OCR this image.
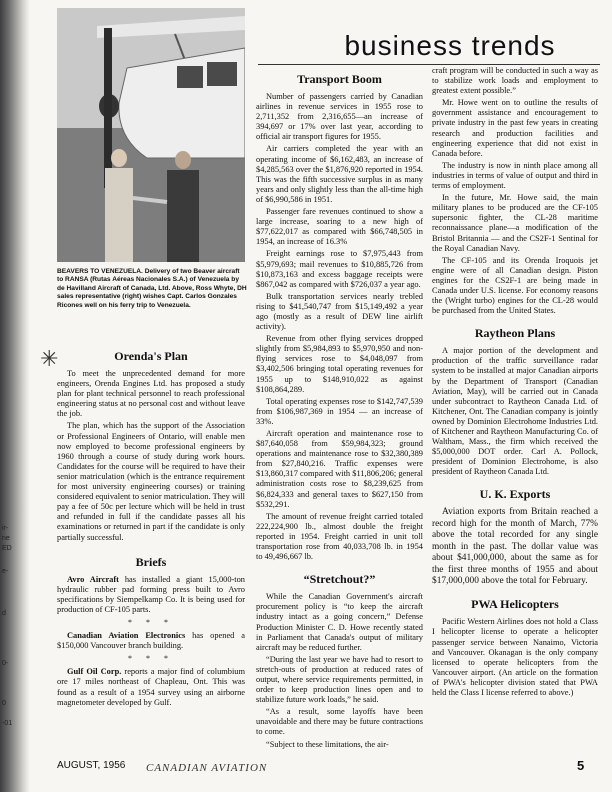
ir-
ne
ED
e-
d
0-
0
-01
business trends
BEAVERS TO VENEZUELA. Delivery of two Beaver aircraft to RANSA (Rutas Aéreas Nacionales S.A.) of Venezuela by de Havilland Aircraft of Canada, Ltd. Above, Ross Whyte, DH sales representative (right) wishes Capt. Carlos Gonzales Ricones well on his ferry trip to Venezuela.
✳	Orenda's Plan

To meet the unprecedented demand for more engineers, Orenda Engines Ltd. has proposed a study plan for plant technical personnel to reach professional engineering status at no personal cost and without leave the job.

The plan, which has the support of the Association or Professional Engineers of Ontario, will enable men now employed to become professional engineers by 1960 through a course of study during work hours. Candidates for the course will be required to have their senior matriculation (which is the entrance requirement for most university engineering courses) or training considered equivalent to senior matriculation. They will pay a fee of 50c per lecture which will be held in trust and refunded in full if the candidate passes all his examinations or returned in part if the candidate is only partially successful.

Briefs

Avro Aircraft has installed a giant 15,000-ton hydraulic rubber pad forming press built to Avro specifications by Siempelkamp Co. It is being used for production of CF-105 parts.

* * *

Canadian Aviation Electronics has opened a $150,000 Vancouver branch building.

* * *

Gulf Oil Corp. reports a major find of columbium ore 17 miles northeast of Chapleau, Ont. This was found as a result of a 1954 survey using an airborne magnetometer developed by Gulf.

Transport Boom

Number of passengers carried by Canadian airlines in revenue services in 1955 rose to 2,711,352 from 2,316,655—an increase of 394,697 or 17% over last year, according to official air transport figures for 1955.

Air carriers completed the year with an operating income of $6,162,483, an increase of $4,285,563 over the $1,876,920 reported in 1954. This was the fifth successive surplus in as many years and only slightly less than the all-time high of $6,990,586 in 1951.

Passenger fare revenues continued to show a large increase, soaring to a new high of $77,622,017 as compared with $66,748,505 in 1954, an increase of 16.3%

Freight earnings rose to $7,975,443 from $5,979,693; mail revenues to $10,885,726 from $10,873,163 and excess baggage receipts were $867,042 as compared with $726,037 a year ago.

Bulk transportation services nearly trebled rising to $41,540,747 from $15,149,492 a year ago (mostly as a result of DEW line airlift activity).

Revenue from other flying services dropped slightly from $5,984,893 to $5,970,950 and non-flying services rose to $4,048,097 from $3,402,506 bringing total operating revenues for 1955 up to $148,910,022 as against $108,864,289.

Total operating expenses rose to $142,747,539 from $106,987,369 in 1954 — an increase of 33%.

Aircraft operation and maintenance rose to $87,640,058 from $59,984,323; ground operations and maintenance rose to $32,380,389 from $27,840,216. Traffic expenses were $13,860,317 compared with $11,806,206; general administration costs rose to $8,239,625 from $6,824,333 and general taxes to $627,150 from $532,291.

The amount of revenue freight carried totaled 222,224,900 lb., almost double the freight reported in 1954. Freight carried in unit toll transportation rose from 40,033,708 lb. in 1954 to 49,496,667 lb.

“Stretchout?”

While the Canadian Government's aircraft procurement policy is “to keep the aircraft industry intact as a going concern,” Defense Production Minister C. D. Howe recently stated in Parliament that Canada's output of military aircraft may be reduced further.

“During the last year we have had to resort to stretch-outs of production at reduced rates of output, where service requirements permitted, in order to keep production lines open and to stabilize future work loads,” he said.

“As a result, some layoffs have been unavoidable and there may be future contractions to come.

“Subject to these limitations, the air-

craft program will be conducted in such a way as to stabilize work loads and employment to greatest extent possible.”

Mr. Howe went on to outline the results of government assistance and encouragement to private industry in the past few years in creating research and production facilities and engineering experience that did not exist in Canada before.

The industry is now in ninth place among all industries in terms of value of output and third in terms of employment.

In the future, Mr. Howe said, the main military planes to be produced are the CF-105 supersonic fighter, the CL-28 maritime reconnaissance plane—a modification of the Bristol Britannia — and the CS2F-1 Sentinal for the Royal Canadian Navy.

The CF-105 and its Orenda Iroquois jet engine were of all Canadian design. Piston engines for the CS2F-1 are being made in Canada under U.S. license. For economy reasons the (Wright turbo) engines for the CL-28 would be purchased from the United States.

Raytheon Plans

A major portion of the development and production of the traffic surveillance radar system to be installed at major Canadian airports by the Department of Transport (Canadian Aviation, May), will be carried out in Canada under subcontract to Raytheon Canada Ltd. of Kitchener, Ont. The Canadian company is jointly owned by Dominion Electrohome Industries Ltd. of Kitchener and Raytheon Manufacturing Co. of Waltham, Mass., the firm which received the $5,000,000 DOT order. Carl A. Pollock, president of Dominion Electrohome, is also president of Raytheon Canada Ltd.

U. K. Exports

Aviation exports from Britain reached a record high for the month of March, 77% above the total recorded for any single month in the past. The dollar value was about $41,000,000, about the same as for the first three months of 1955 and about $17,000,000 above the total for February.

PWA Helicopters

Pacific Western Airlines does not hold a Class I helicopter license to operate a helicopter passenger service between Nanaimo, Victoria and Vancouver. Okanagan is the only company licensed to operate helicopters from the Vancouver airport. (An article on the formation of PWA's helicopter division stated that PWA held the Class I license referred to above.)

AUGUST, 1956 CANADIAN AVIATION	5
